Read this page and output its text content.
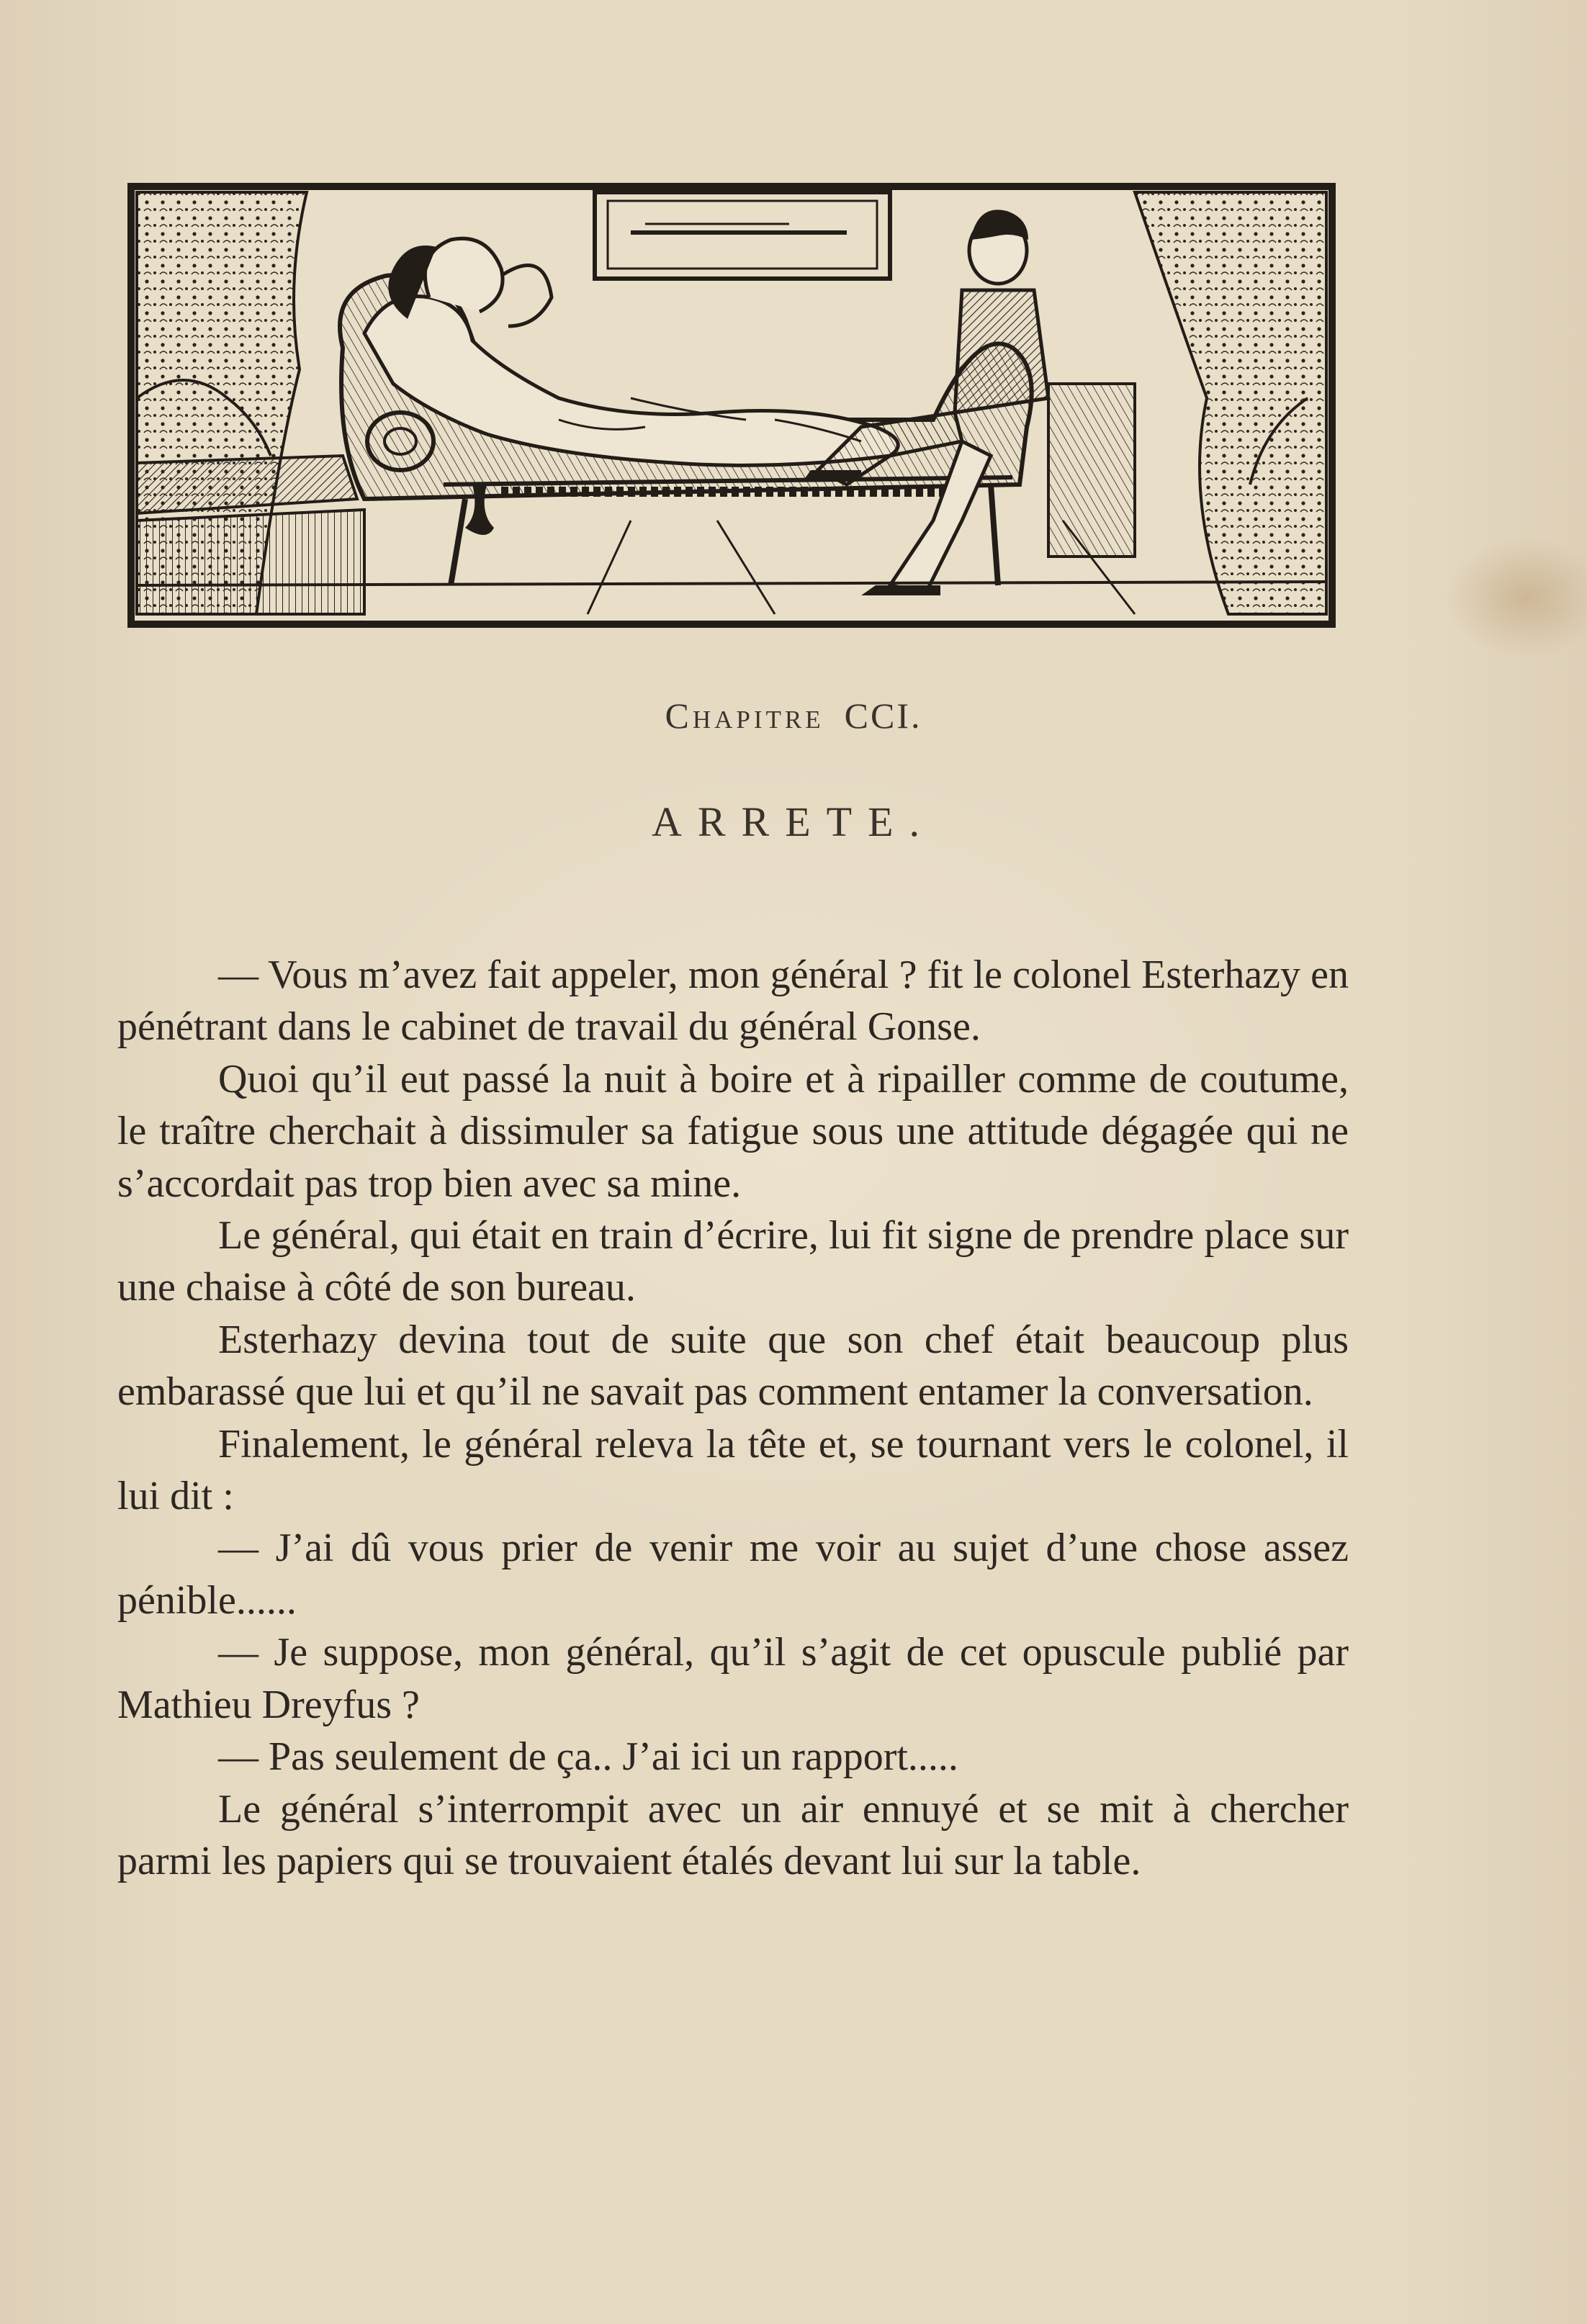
Chapitre CCI.
ARRETE.

— Vous m’avez fait appeler, mon général ? fit le colonel Esterhazy en pénétrant dans le cabinet de travail du général Gonse.

Quoi qu’il eut passé la nuit à boire et à ripailler comme de coutume, le traître cherchait à dissimuler sa fatigue sous une attitude dégagée qui ne s’accordait pas trop bien avec sa mine.

Le général, qui était en train d’écrire, lui fit signe de prendre place sur une chaise à côté de son bureau.

Esterhazy devina tout de suite que son chef était beaucoup plus embarassé que lui et qu’il ne savait pas comment entamer la conversation.

Finalement, le général releva la tête et, se tournant vers le colonel, il lui dit :

— J’ai dû vous prier de venir me voir au sujet d’une chose assez pénible......

— Je suppose, mon général, qu’il s’agit de cet opuscule publié par Mathieu Dreyfus ?

— Pas seulement de ça.. J’ai ici un rapport.....

Le général s’interrompit avec un air ennuyé et se mit à chercher parmi les papiers qui se trouvaient étalés devant lui sur la table.
